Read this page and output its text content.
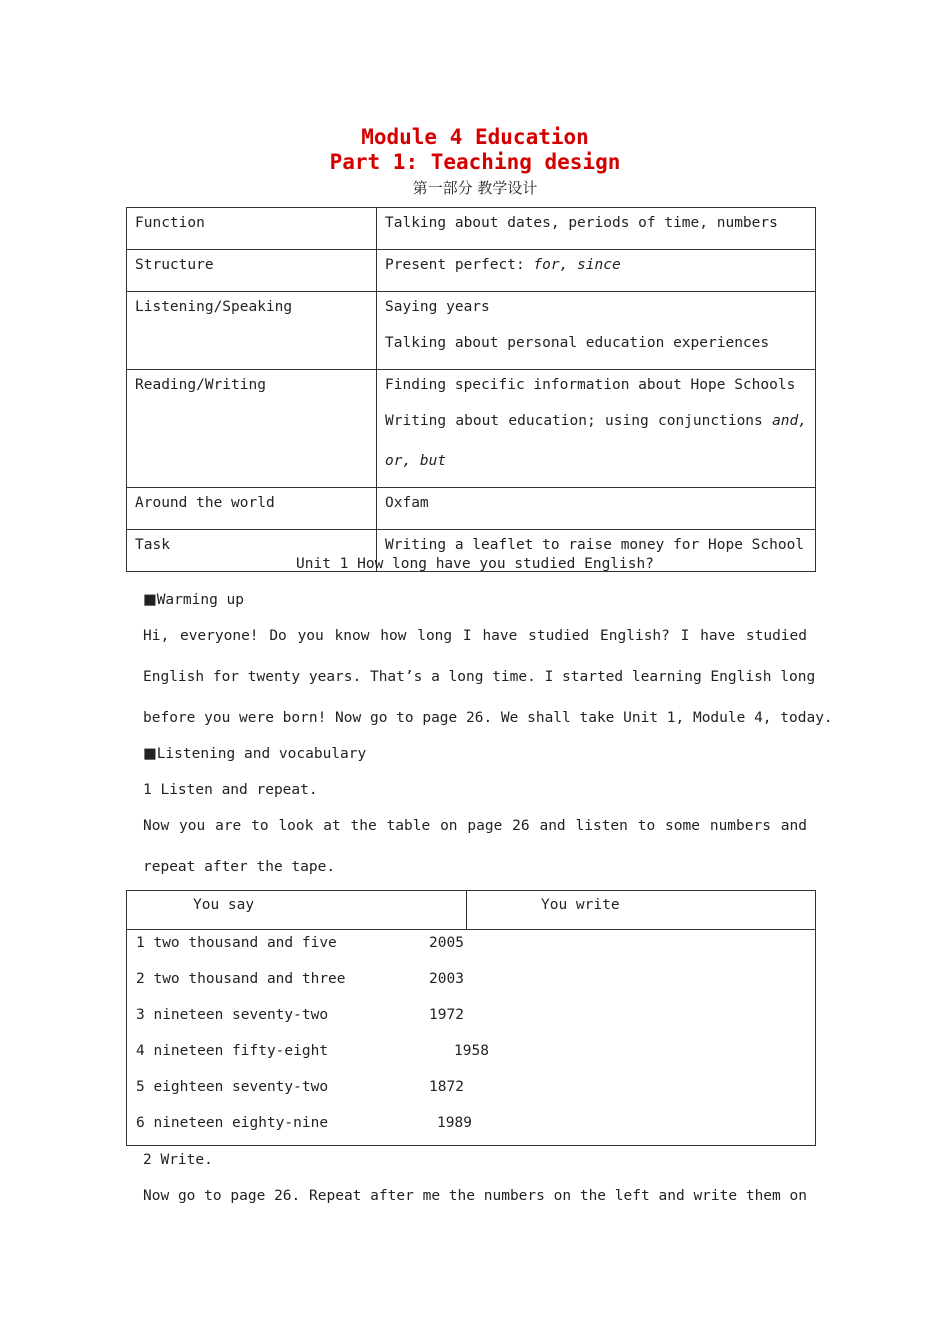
Module 4 Education
Part 1: Teaching design
第一部分 教学设计
Function	Talking about dates, periods of time, numbers

Structure	Present perfect: for, since

Listening/Speaking	Saying years
Talking about personal education experiences

Reading/Writing	Finding specific information about Hope Schools
Writing about education; using conjunctions and,
or, but

Around the world	Oxfam

Task	Writing a leaflet to raise money for Hope School
Unit 1 How long have you studied English?
■Warming up
Hi, everyone! Do you know how long I have studied English? I have studied
English for twenty years. That’s a long time. I started learning English long
before you were born! Now go to page 26. We shall take Unit 1, Module 4, today.
■Listening and vocabulary
1 Listen and repeat.
Now you are to look at the table on page 26 and listen to some numbers and
repeat after the tape.
You say	You write

1 two thousand and five	2005
2 two thousand and three	2003
3 nineteen seventy-two	1972
4 nineteen fifty-eight	1958
5 eighteen seventy-two	1872
6 nineteen eighty-nine	1989
2 Write.
Now go to page 26. Repeat after me the numbers on the left and write them on
